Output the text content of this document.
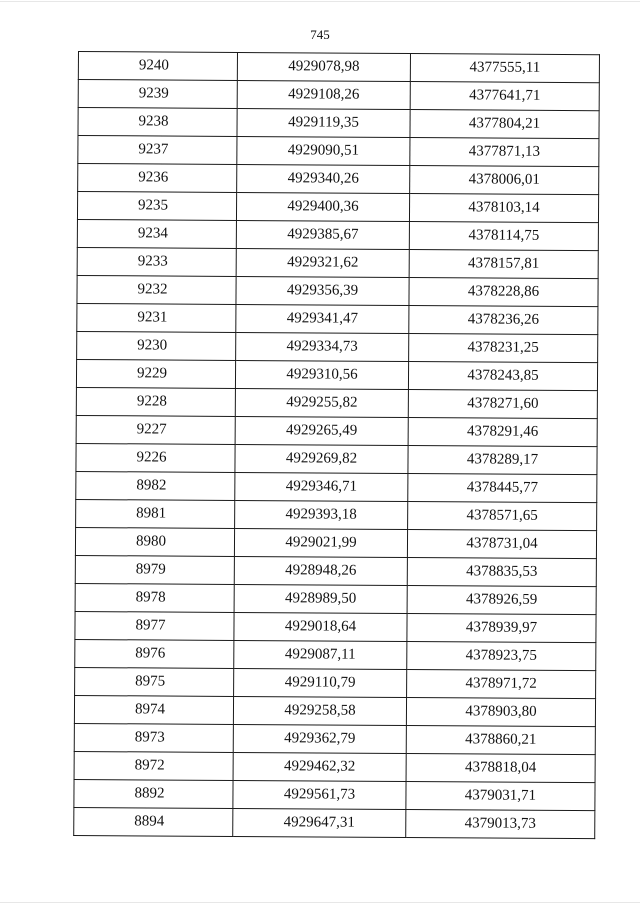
745
9240	4929078,98	4377555,11
9239	4929108,26	4377641,71
9238	4929119,35	4377804,21
9237	4929090,51	4377871,13
9236	4929340,26	4378006,01
9235	4929400,36	4378103,14
9234	4929385,67	4378114,75
9233	4929321,62	4378157,81
9232	4929356,39	4378228,86
9231	4929341,47	4378236,26
9230	4929334,73	4378231,25
9229	4929310,56	4378243,85
9228	4929255,82	4378271,60
9227	4929265,49	4378291,46
9226	4929269,82	4378289,17
8982	4929346,71	4378445,77
8981	4929393,18	4378571,65
8980	4929021,99	4378731,04
8979	4928948,26	4378835,53
8978	4928989,50	4378926,59
8977	4929018,64	4378939,97
8976	4929087,11	4378923,75
8975	4929110,79	4378971,72
8974	4929258,58	4378903,80
8973	4929362,79	4378860,21
8972	4929462,32	4378818,04
8892	4929561,73	4379031,71
8894	4929647,31	4379013,73
